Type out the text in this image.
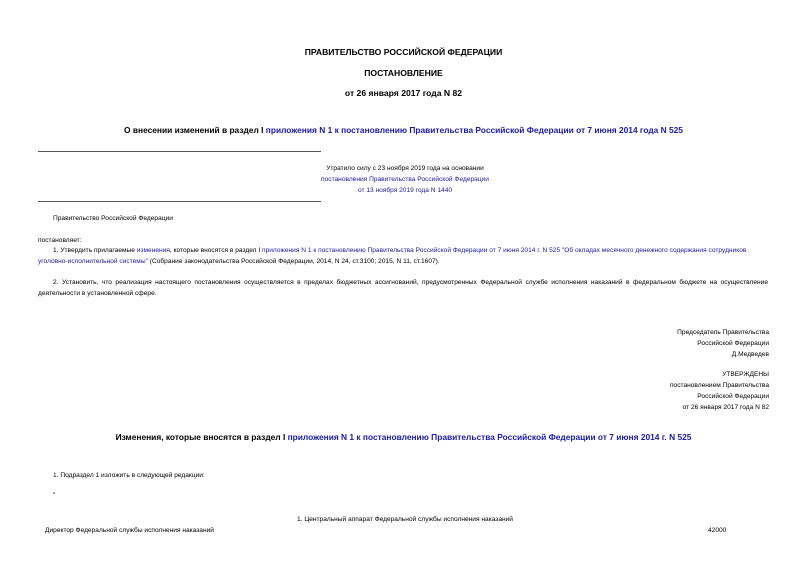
ПРАВИТЕЛЬСТВО РОССИЙСКОЙ ФЕДЕРАЦИИ
ПОСТАНОВЛЕНИЕ
от 26 января 2017 года N 82
О внесении изменений в раздел I приложения N 1 к постановлению Правительства Российской Федерации от 7 июня 2014 года N 525

Утратило силу с 23 ноября 2019 года на основании

постановления Правительства Российской Федерации

от 13 ноября 2019 года N 1440

Правительство Российской Федерации
постановляет:
1. Утвердить прилагаемые изменения, которые вносятся в раздел I приложения N 1 к постановлению Правительства Российской Федерации от 7 июня 2014 г. N 525 "Об окладах месячного денежного содержания сотрудников уголовно-исполнительной системы" (Собрание законодательства Российской Федерации, 2014, N 24, ст.3100; 2015, N 11, ст.1607).
2. Установить, что реализация настоящего постановления осуществляется в пределах бюджетных ассигнований, предусмотренных Федеральной службе исполнения наказаний в федеральном бюджете на осуществление деятельности в установленной сфере.

Председатель Правительства

Российской Федерации

Д.Медведев

УТВЕРЖДЕНЫ

постановлением Правительства

Российской Федерации

от 26 января 2017 года N 82

Изменения, которые вносятся в раздел I приложения N 1 к постановлению Правительства Российской Федерации от 7 июня 2014 г. N 525
1. Подраздел 1 изложить в следующей редакции:
"
1. Центральный аппарат Федеральной службы исполнения наказаний
Директор Федеральной службы исполнения наказаний	42000
